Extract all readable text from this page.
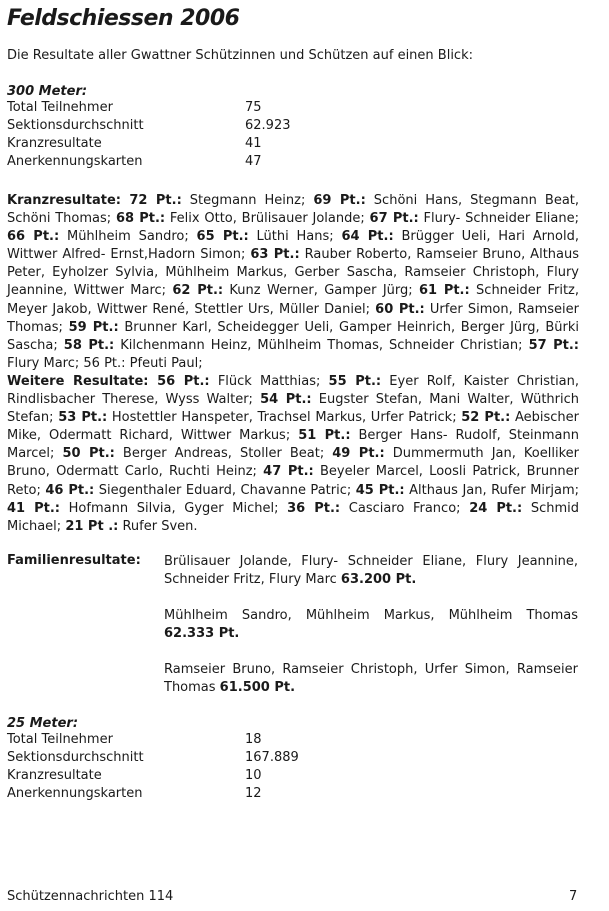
Feldschiessen 2006
Die Resultate aller Gwattner Schützinnen und Schützen auf einen Blick:
300 Meter:
Total Teilnehmer	75
Sektionsdurchschnitt	62.923
Kranzresultate	41
Anerkennungskarten	47
Kranzresultate: 72 Pt.: Stegmann Heinz; 69 Pt.: Schöni Hans, Stegmann Beat, Schöni Thomas; 68 Pt.: Felix Otto, Brülisauer Jolande; 67 Pt.: Flury- Schneider Eliane; 66 Pt.: Mühlheim Sandro; 65 Pt.: Lüthi Hans; 64 Pt.: Brügger Ueli, Hari Arnold, Wittwer Alfred- Ernst,Hadorn Simon; 63 Pt.: Rauber Roberto, Ramseier Bruno, Althaus Peter, Eyholzer Sylvia, Mühlheim Markus, Gerber Sascha, Ramseier Christoph, Flury Jeannine, Wittwer Marc; 62 Pt.: Kunz Werner, Gamper Jürg; 61 Pt.: Schneider Fritz, Meyer Jakob, Wittwer René, Stettler Urs, Müller Daniel; 60 Pt.: Urfer Simon, Ramseier Thomas; 59 Pt.: Brunner Karl, Scheidegger Ueli, Gamper Heinrich, Berger Jürg, Bürki Sascha; 58 Pt.: Kilchenmann Heinz, Mühlheim Thomas, Schneider Christian; 57 Pt.: Flury Marc; 56 Pt.: Pfeuti Paul;
Weitere Resultate: 56 Pt.: Flück Matthias; 55 Pt.: Eyer Rolf, Kaister Christian, Rindlisbacher Therese, Wyss Walter; 54 Pt.: Eugster Stefan, Mani Walter, Wüthrich Stefan; 53 Pt.: Hostettler Hanspeter, Trachsel Markus, Urfer Patrick; 52 Pt.: Aebischer Mike, Odermatt Richard, Wittwer Markus; 51 Pt.: Berger Hans- Rudolf, Steinmann Marcel; 50 Pt.: Berger Andreas, Stoller Beat; 49 Pt.: Dummermuth Jan, Koelliker Bruno, Odermatt Carlo, Ruchti Heinz; 47 Pt.: Beyeler Marcel, Loosli Patrick, Brunner Reto; 46 Pt.: Siegenthaler Eduard, Chavanne Patric; 45 Pt.: Althaus Jan, Rufer Mirjam; 41 Pt.: Hofmann Silvia, Gyger Michel; 36 Pt.: Casciaro Franco; 24 Pt.: Schmid Michael; 21 Pt .: Rufer Sven.
Familienresultate: Brülisauer Jolande, Flury- Schneider Eliane, Flury Jeannine, Schneider Fritz, Flury Marc 63.200 Pt.
Mühlheim Sandro, Mühlheim Markus, Mühlheim Thomas 62.333 Pt.
Ramseier Bruno, Ramseier Christoph, Urfer Simon, Ramseier Thomas 61.500 Pt.
25 Meter:
Total Teilnehmer	18
Sektionsdurchschnitt	167.889
Kranzresultate	10
Anerkennungskarten	12
Schützennachrichten 114	7
